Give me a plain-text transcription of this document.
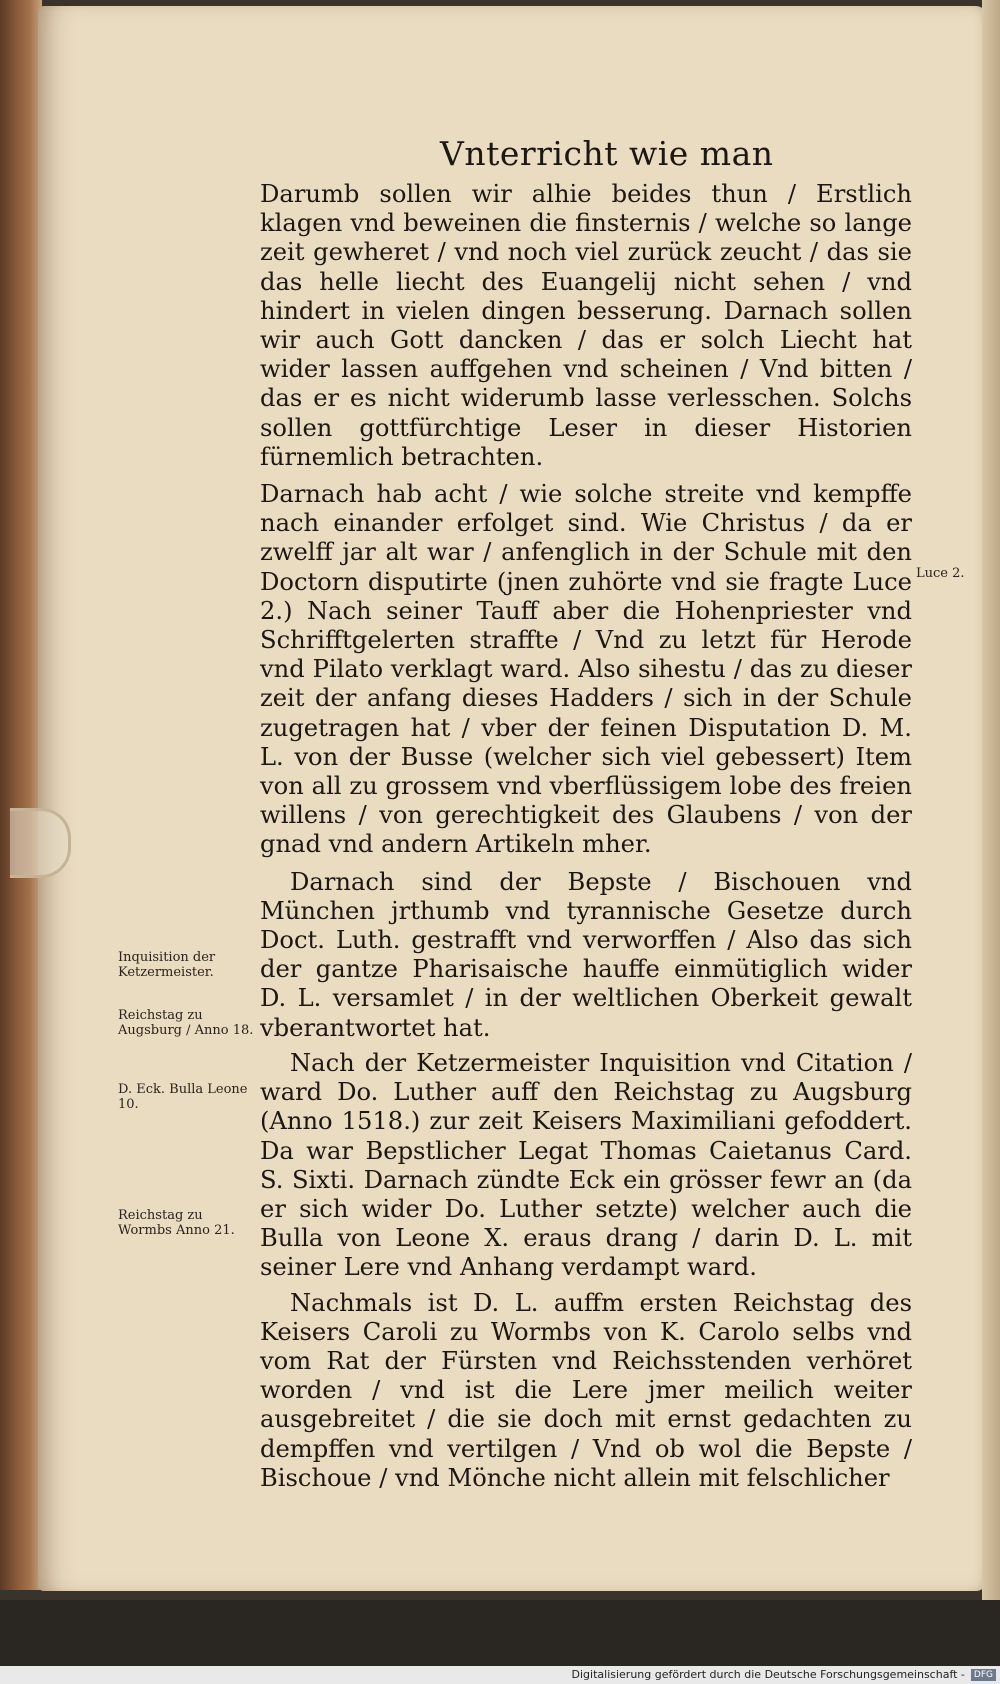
Vnterricht wie man

Darumb sollen wir alhie beides thun / Erstlich klagen vnd beweinen die finsternis / welche so lange zeit gewheret / vnd noch viel zurück zeucht / das sie das helle liecht des Euangelij nicht sehen / vnd hindert in vielen dingen besserung. Darnach sollen wir auch Gott dancken / das er solch Liecht hat wider lassen auffgehen vnd scheinen / Vnd bitten / das er es nicht widerumb lasse verlesschen. Solchs sollen gottfürchtige Leser in dieser Historien fürnemlich betrachten.

Darnach hab acht / wie solche streite vnd kempffe nach einander erfolget sind. Wie Christus / da er zwelff jar alt war / anfenglich in der Schule mit den Doctorn disputirte (jnen zuhörte vnd sie fragte Luce 2.) Nach seiner Tauff aber die Hohenpriester vnd Schrifftgelerten straffte / Vnd zu letzt für Herode vnd Pilato verklagt ward. Also sihestu / das zu dieser zeit der anfang dieses Hadders / sich in der Schule zugetragen hat / vber der feinen Disputation D. M. L. von der Busse (welcher sich viel gebessert) Item von all zu grossem vnd vberflüssigem lobe des freien willens / von gerechtigkeit des Glaubens / von der gnad vnd andern Artikeln mher.

Darnach sind der Bepste / Bischouen vnd München jrthumb vnd tyrannische Gesetze durch Doct. Luth. gestrafft vnd verworffen / Also das sich der gantze Pharisaische hauffe einmütiglich wider D. L. versamlet / in der weltlichen Oberkeit gewalt vberantwortet hat.

Nach der Ketzermeister Inquisition vnd Citation / ward Do. Luther auff den Reichstag zu Augsburg (Anno 1518.) zur zeit Keisers Maximiliani gefoddert. Da war Bepstlicher Legat Thomas Caietanus Card. S. Sixti. Darnach zündte Eck ein grösser fewr an (da er sich wider Do. Luther setzte) welcher auch die Bulla von Leone X. eraus drang / darin D. L. mit seiner Lere vnd Anhang verdampt ward.

Nachmals ist D. L. auffm ersten Reichstag des Keisers Caroli zu Wormbs von K. Carolo selbs vnd vom Rat der Fürsten vnd Reichsstenden verhöret worden / vnd ist die Lere jmer meilich weiter ausgebreitet / die sie doch mit ernst gedachten zu dempffen vnd vertilgen / Vnd ob wol die Bepste / Bischoue / vnd Mönche nicht allein mit felschlicher

Inquisition der Ketzermeister.
Reichstag zu Augsburg / Anno 18.
D. Eck. Bulla Leone 10.
Reichstag zu Wormbs Anno 21.
Luce 2.
Digitalisierung gefördert durch die Deutsche Forschungsgemeinschaft - DFG
